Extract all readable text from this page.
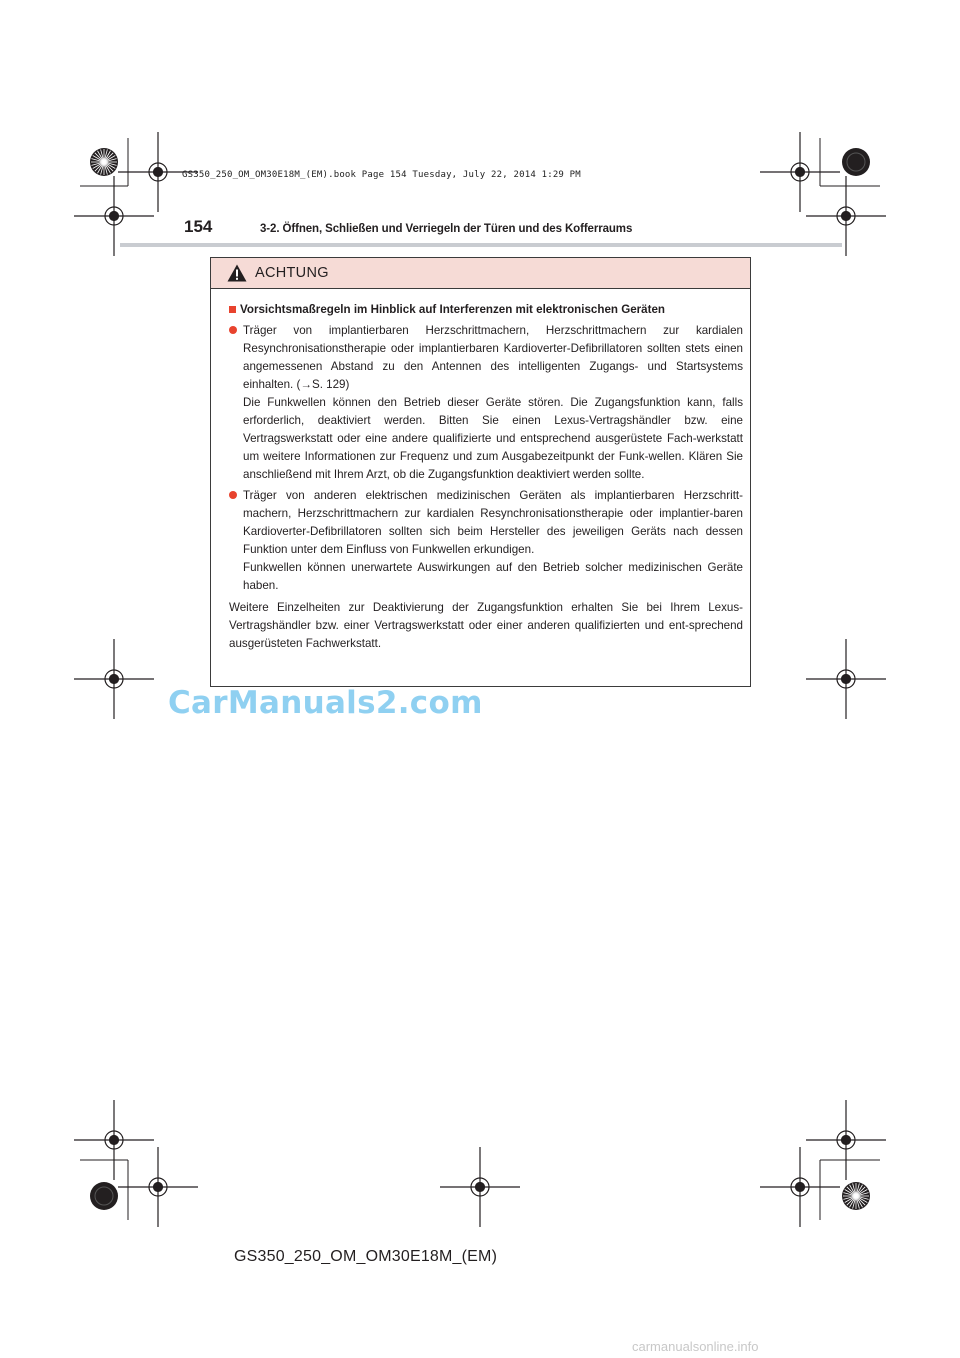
GS350_250_OM_OM30E18M_(EM).book Page 154 Tuesday, July 22, 2014 1:29 PM
154	3-2. Öffnen, Schließen und Verriegeln der Türen und des Kofferraums
ACHTUNG
Vorsichtsmaßregeln im Hinblick auf Interferenzen mit elektronischen Geräten

Träger von implantierbaren Herzschrittmachern, Herzschrittmachern zur kardialen Resynchronisationstherapie oder implantierbaren Kardioverter-Defibrillatoren sollten stets einen angemessenen Abstand zu den Antennen des intelligenten Zugangs- und Startsystems einhalten. (→S. 129)

Die Funkwellen können den Betrieb dieser Geräte stören. Die Zugangsfunktion kann, falls erforderlich, deaktiviert werden. Bitten Sie einen Lexus-Vertragshändler bzw. eine Vertragswerkstatt oder eine andere qualifizierte und entsprechend ausgerüstete Fach-werkstatt um weitere Informationen zur Frequenz und zum Ausgabezeitpunkt der Funk-wellen. Klären Sie anschließend mit Ihrem Arzt, ob die Zugangsfunktion deaktiviert werden sollte.

Träger von anderen elektrischen medizinischen Geräten als implantierbaren Herzschritt-machern, Herzschrittmachern zur kardialen Resynchronisationstherapie oder implantier-baren Kardioverter-Defibrillatoren sollten sich beim Hersteller des jeweiligen Geräts nach dessen Funktion unter dem Einfluss von Funkwellen erkundigen.

Funkwellen können unerwartete Auswirkungen auf den Betrieb solcher medizinischen Geräte haben.

Weitere Einzelheiten zur Deaktivierung der Zugangsfunktion erhalten Sie bei Ihrem Lexus-Vertragshändler bzw. einer Vertragswerkstatt oder einer anderen qualifizierten und ent-sprechend ausgerüsteten Fachwerkstatt.
CarManuals2.com
GS350_250_OM_OM30E18M_(EM)
carmanualsonline.info
